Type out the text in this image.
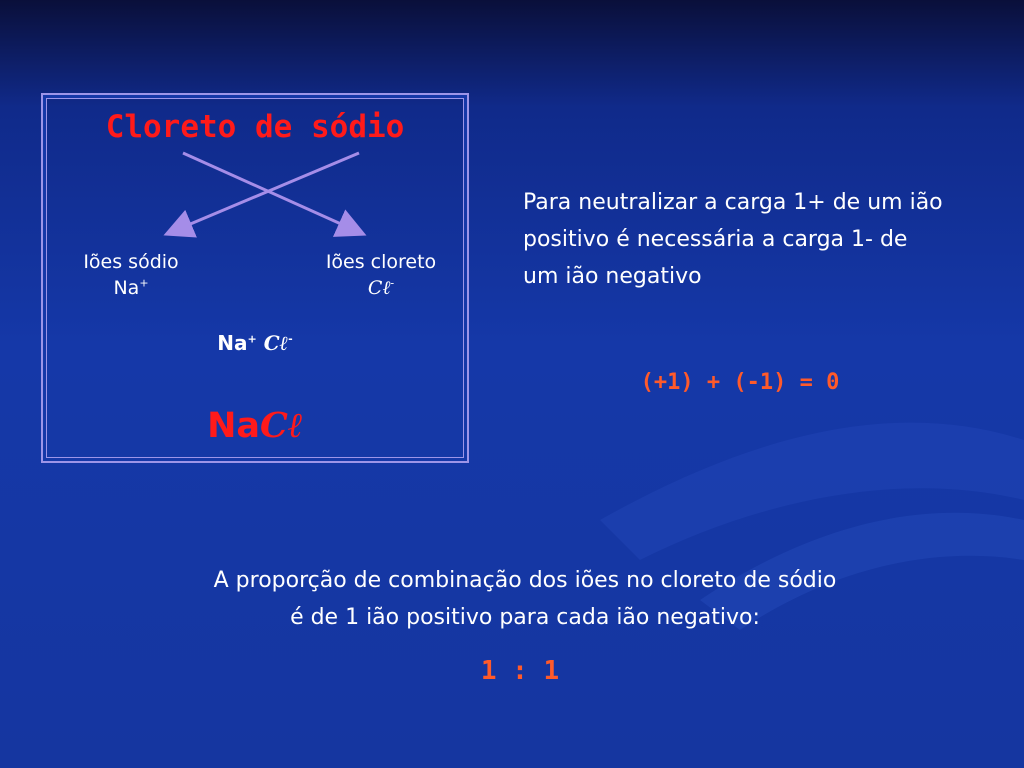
Cloreto de sódio
Iões sódio
Na+
Iões cloreto
Cℓ-
Na+ Cℓ-
NaCℓ
Para neutralizar a carga 1+ de um ião positivo é necessária a carga 1- de um ião negativo
(+1) + (-1) = 0
A proporção de combinação dos iões no cloreto de sódio
é de 1 ião positivo para cada ião negativo:
1 : 1
